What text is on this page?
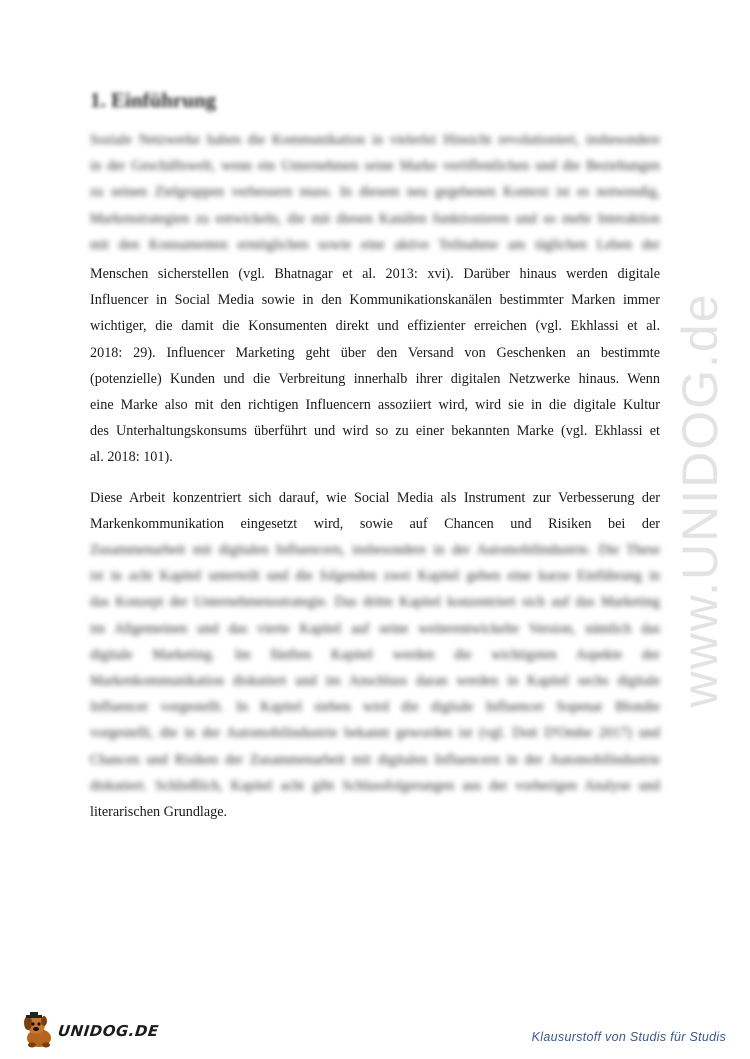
www.UNIDOG.de
1. Einführung
Soziale Netzwerke haben die Kommunikation in vielerlei Hinsicht revolutioniert, insbesondere
in der Geschäftswelt, wenn ein Unternehmen seine Marke veröffentlichen und die Beziehungen
zu seinen Zielgruppen verbessern muss. In diesem neu gegebenen Kontext ist es notwendig,
Markenstrategien zu entwickeln, die mit diesen Kanälen funktionieren und so mehr Interaktion
mit den Konsumenten ermöglichen sowie eine aktive Teilnahme am täglichen Leben der
Menschen sicherstellen (vgl. Bhatnagar et al. 2013: xvi). Darüber hinaus werden digitale
Influencer in Social Media sowie in den Kommunikationskanälen bestimmter Marken immer
wichtiger, die damit die Konsumenten direkt und effizienter erreichen (vgl. Ekhlassi et al.
2018: 29). Influencer Marketing geht über den Versand von Geschenken an bestimmte
(potenzielle) Kunden und die Verbreitung innerhalb ihrer digitalen Netzwerke hinaus. Wenn
eine Marke also mit den richtigen Influencern assoziiert wird, wird sie in die digitale Kultur
des Unterhaltungskonsums überführt und wird so zu einer bekannten Marke (vgl. Ekhlassi et
al. 2018: 101).
Diese Arbeit konzentriert sich darauf, wie Social Media als Instrument zur Verbesserung der
Markenkommunikation eingesetzt wird, sowie auf Chancen und Risiken bei der
Zusammenarbeit mit digitalen Influencern, insbesondere in der Automobilindustrie. Die These
ist in acht Kapitel unterteilt und die folgenden zwei Kapitel geben eine kurze Einführung in
das Konzept der Unternehmensstrategie. Das dritte Kapitel konzentriert sich auf das Marketing
im Allgemeinen und das vierte Kapitel auf seine weiterentwickelte Version, nämlich das
digitale Marketing. Im fünften Kapitel werden die wichtigsten Aspekte der
Markenkommunikation diskutiert und im Anschluss daran werden in Kapitel sechs digitale
Influencer vorgestellt. In Kapitel sieben wird die digitale Influencer Sopenar Blondie
vorgestellt, die in der Automobilindustrie bekannt geworden ist (vgl. Dott D'Ombe 2017) und
Chancen und Risiken der Zusammenarbeit mit digitalen Influencern in der Automobilindustrie
diskutiert. Schließlich, Kapitel acht gibt Schlussfolgerungen aus der vorherigen Analyse und
literarischen Grundlage.
UNIDOG.DE	Klausurstoff von Studis für Studis
